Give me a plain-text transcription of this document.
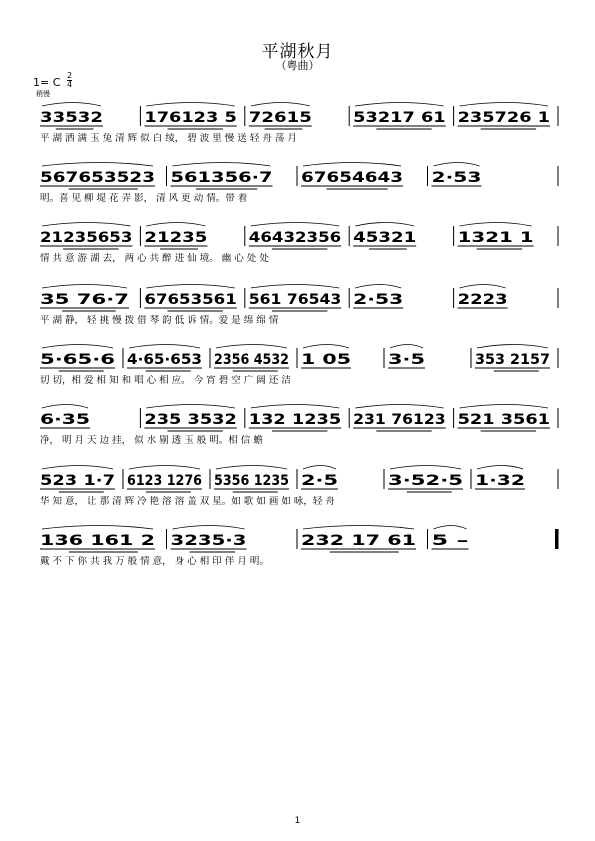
平湖秋月
（粤曲）
1= C
2
4
稍慢
33532	176123 5 72615	53217 61 235726 1
567653523 561356·7 67654643 2·53
21235653 21235	46432356 45321	1321 1
35 76·7 67653561 561 76543 2·53	2223
5·65·6 4·65·653 2356 4532 1 05	3·5	353 2157
6·35	235 3532 132 1235 231 76123 521 3561
523 1·7 6123 1276 5356 1235 2·5	3·52·5 1·32
136 161 2 3235·3	232 17 61 5 –
平 湖 洒 满 玉 兔 清 辉 似 白 绫， 碧 波 里 慢 送 轻 舟 荡 月
明。喜 见 柳 堤 花 弄 影， 清 风 更 动 情。带 着
情 共 意 游 湖 去， 两 心 共 醉 进 仙 境。 幽 心 处 处
平 湖 静， 轻 挑 慢 拨 借 琴 韵 低 诉 情。爱 是 绵 绵 情
切 切，相 爱 相 知 和 唱 心 相 应。 今 宵 碧 空 广 阔 还 洁
净， 明 月 天 边 挂， 似 水 剔 透 玉 般 明。相 信 蟾
华 知 意， 让 那 清 辉 冷 艳 溶 溶 盖 双 星。如 歌 如 画 如 咏，轻 舟
戴 不 下 你 共 我 万 般 情 意， 身 心 相 印 伴 月 明。
1
